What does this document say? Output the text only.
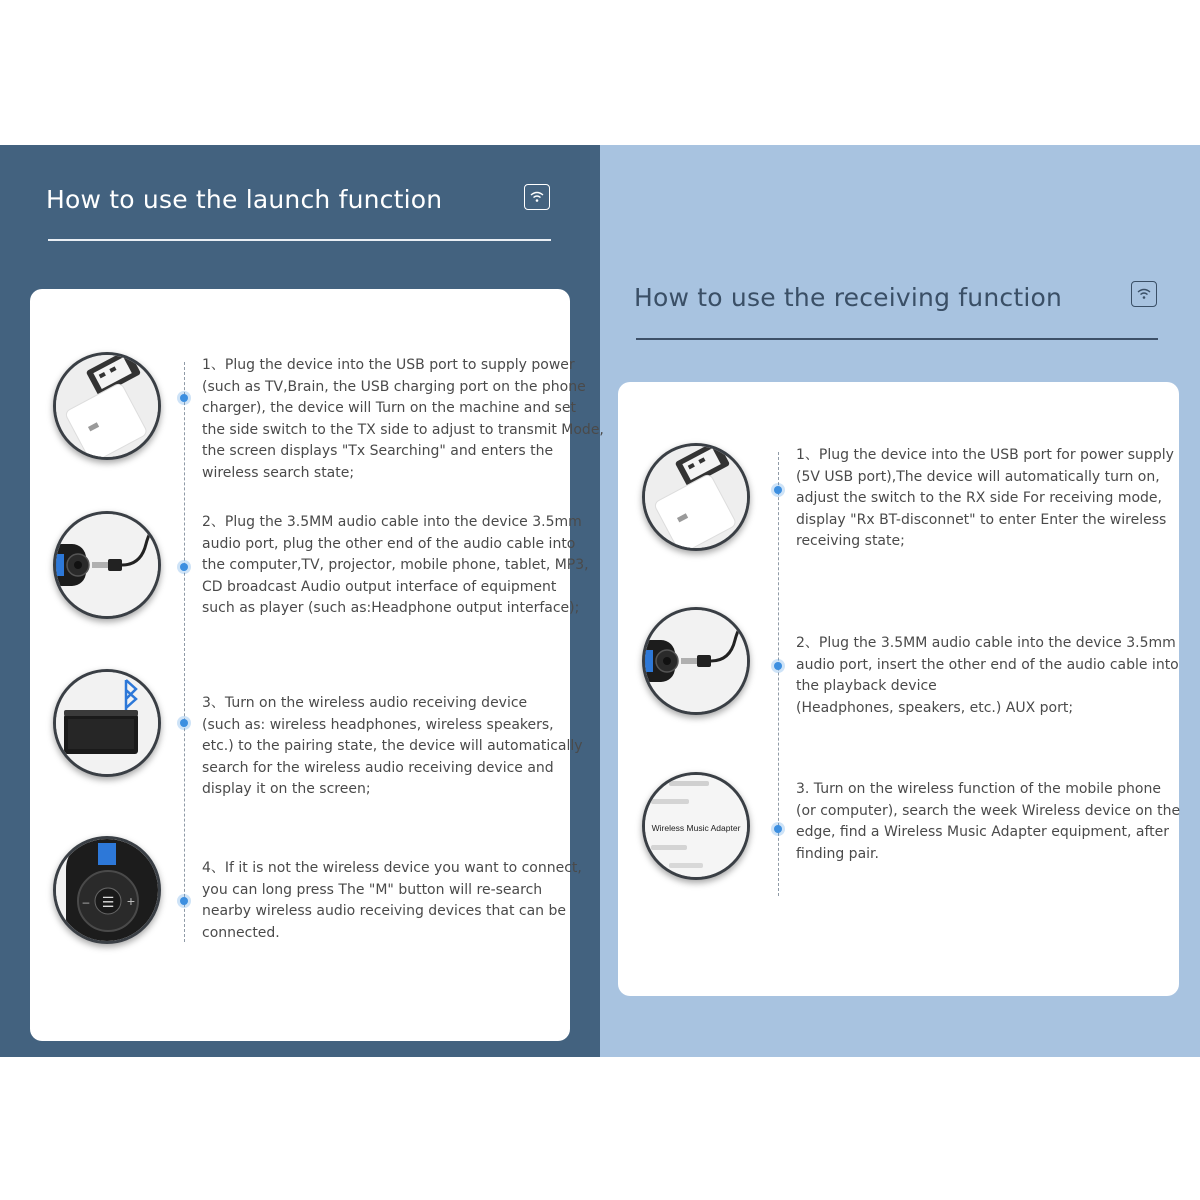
How to use the launch function
How to use the receiving function
1、Plug the device into the USB port to supply power
(such as TV,Brain, the USB charging port on the phone
charger), the device will Turn on the machine and set
the side switch to the TX side to adjust to transmit Mode,
the screen displays "Tx Searching" and enters the
wireless search state;
2、Plug the 3.5MM audio cable into the device 3.5mm
audio port, plug the other end of the audio cable into
the computer,TV, projector, mobile phone, tablet, MP3,
CD broadcast Audio output interface of equipment
such as player (such as:Headphone output interface);
3、Turn on the wireless audio receiving device
(such as: wireless headphones, wireless speakers,
etc.) to the pairing state, the device will automatically
search for the wireless audio receiving device and
display it on the screen;
☰
–	+
4、If it is not the wireless device you want to connect,
you can long press The "M" button will re-search
nearby wireless audio receiving devices that can be
connected.
1、Plug the device into the USB port for power supply
(5V USB port),The device will automatically turn on,
adjust the switch to the RX side For receiving mode,
display "Rx BT-disconnet" to enter Enter the wireless
receiving state;
2、Plug the 3.5MM audio cable into the device 3.5mm
audio port, insert the other end of the audio cable into
the playback device
(Headphones, speakers, etc.) AUX port;
Wireless Music Adapter
3. Turn on the wireless function of the mobile phone
(or computer), search the week Wireless device on the
edge, find a Wireless Music Adapter equipment, after
finding pair.
